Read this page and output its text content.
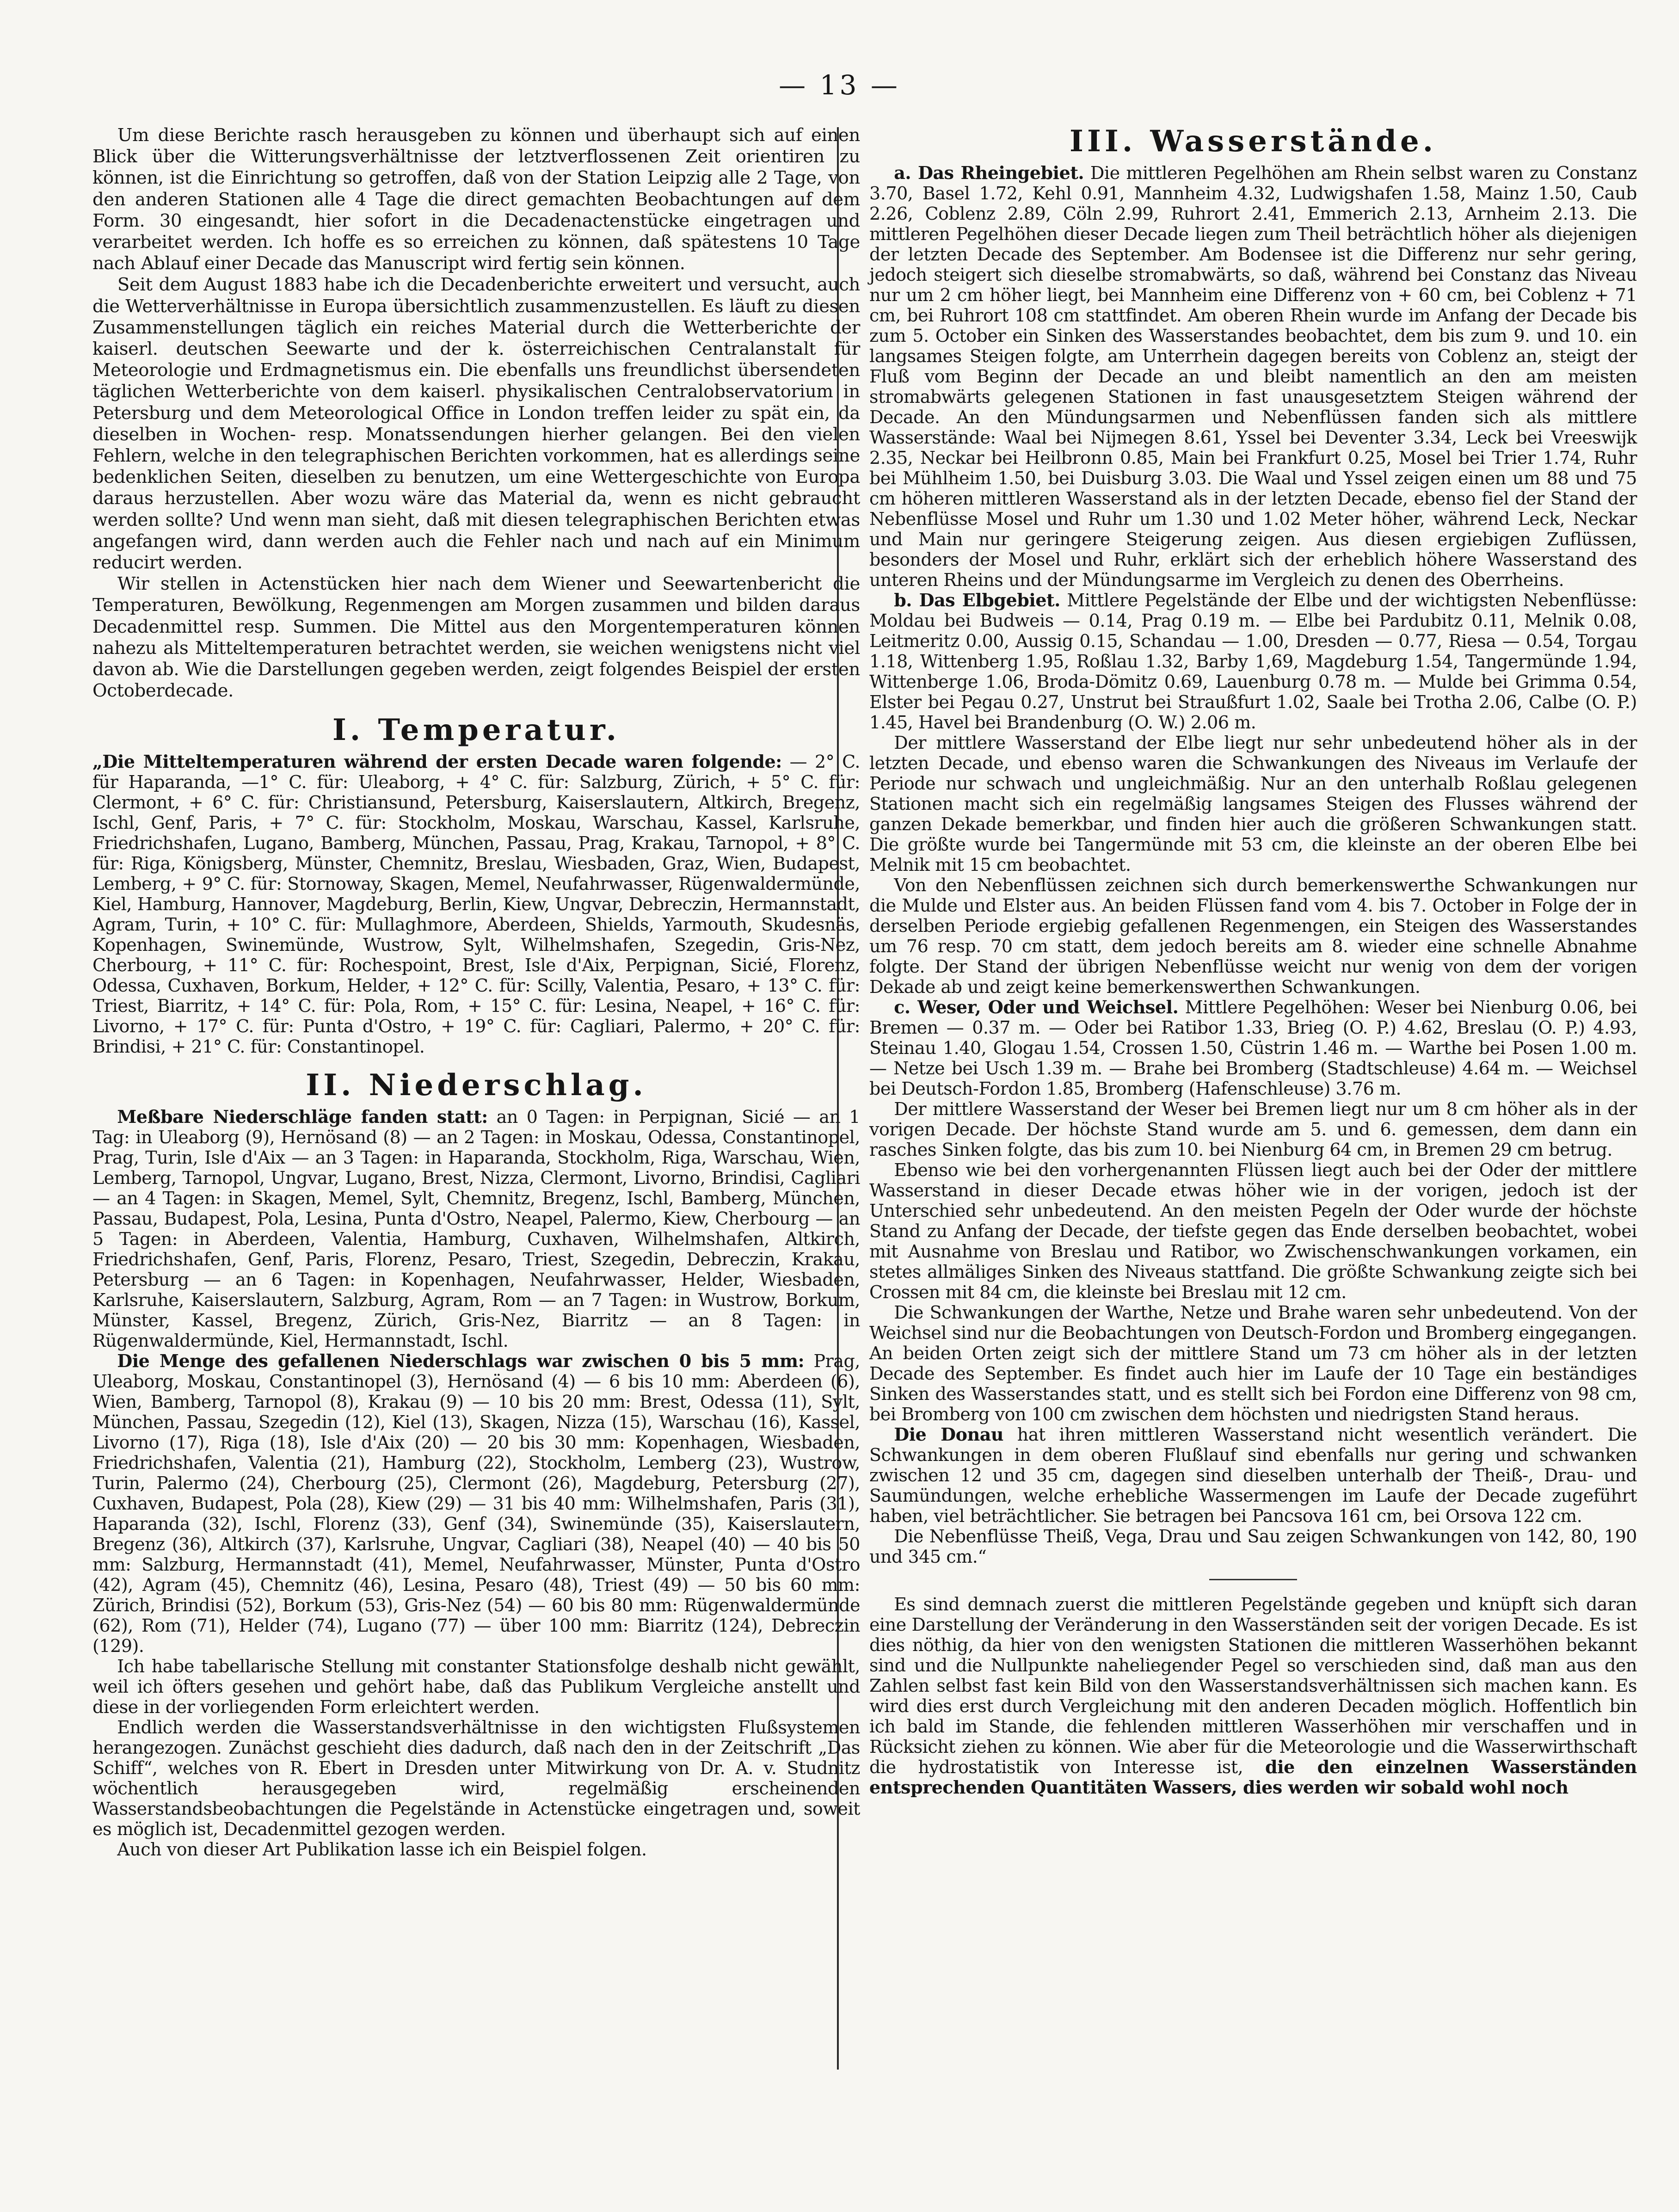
— 13 —

Um diese Berichte rasch herausgeben zu können und überhaupt sich auf einen Blick über die Witterungsverhältnisse der letztverflossenen Zeit orientiren zu können, ist die Einrichtung so getroffen, daß von der Station Leipzig alle 2 Tage, von den anderen Stationen alle 4 Tage die direct gemachten Beobachtungen auf dem Form. 30 eingesandt, hier sofort in die Decadenactenstücke eingetragen und verarbeitet werden. Ich hoffe es so erreichen zu können, daß spätestens 10 Tage nach Ablauf einer Decade das Manuscript wird fertig sein können.

Seit dem August 1883 habe ich die Decadenberichte erweitert und versucht, auch die Wetterverhältnisse in Europa übersichtlich zusammenzustellen. Es läuft zu diesen Zusammenstellungen täglich ein reiches Material durch die Wetterberichte der kaiserl. deutschen Seewarte und der k. österreichischen Centralanstalt für Meteorologie und Erdmagnetismus ein. Die ebenfalls uns freundlichst übersendeten täglichen Wetterberichte von dem kaiserl. physikalischen Centralobservatorium in Petersburg und dem Meteorological Office in London treffen leider zu spät ein, da dieselben in Wochen- resp. Monatssendungen hierher gelangen. Bei den vielen Fehlern, welche in den telegraphischen Berichten vorkommen, hat es allerdings seine bedenklichen Seiten, dieselben zu benutzen, um eine Wettergeschichte von Europa daraus herzustellen. Aber wozu wäre das Material da, wenn es nicht gebraucht werden sollte? Und wenn man sieht, daß mit diesen telegraphischen Berichten etwas angefangen wird, dann werden auch die Fehler nach und nach auf ein Minimum reducirt werden.

Wir stellen in Actenstücken hier nach dem Wiener und Seewartenbericht die Temperaturen, Bewölkung, Regenmengen am Morgen zusammen und bilden daraus Decadenmittel resp. Summen. Die Mittel aus den Morgentemperaturen können nahezu als Mitteltemperaturen betrachtet werden, sie weichen wenigstens nicht viel davon ab. Wie die Darstellungen gegeben werden, zeigt folgendes Beispiel der ersten Octoberdecade.

I. Temperatur.

„Die Mitteltemperaturen während der ersten Decade waren folgende: — 2° C. für Haparanda, —1° C. für: Uleaborg, + 4° C. für: Salzburg, Zürich, + 5° C. für: Clermont, + 6° C. für: Christiansund, Petersburg, Kaiserslautern, Altkirch, Bregenz, Ischl, Genf, Paris, + 7° C. für: Stockholm, Moskau, Warschau, Kassel, Karlsruhe, Friedrichshafen, Lugano, Bamberg, München, Passau, Prag, Krakau, Tarnopol, + 8° C. für: Riga, Königsberg, Münster, Chemnitz, Breslau, Wiesbaden, Graz, Wien, Budapest, Lemberg, + 9° C. für: Stornoway, Skagen, Memel, Neufahrwasser, Rügenwaldermünde, Kiel, Hamburg, Hannover, Magdeburg, Berlin, Kiew, Ungvar, Debreczin, Hermannstadt, Agram, Turin, + 10° C. für: Mullaghmore, Aberdeen, Shields, Yarmouth, Skudesnäs, Kopenhagen, Swinemünde, Wustrow, Sylt, Wilhelmshafen, Szegedin, Gris-Nez, Cherbourg, + 11° C. für: Rochespoint, Brest, Isle d'Aix, Perpignan, Sicié, Florenz, Odessa, Cuxhaven, Borkum, Helder, + 12° C. für: Scilly, Valentia, Pesaro, + 13° C. für: Triest, Biarritz, + 14° C. für: Pola, Rom, + 15° C. für: Lesina, Neapel, + 16° C. für: Livorno, + 17° C. für: Punta d'Ostro, + 19° C. für: Cagliari, Palermo, + 20° C. für: Brindisi, + 21° C. für: Constantinopel.

II. Niederschlag.

Meßbare Niederschläge fanden statt: an 0 Tagen: in Perpignan, Sicié — an 1 Tag: in Uleaborg (9), Hernösand (8) — an 2 Tagen: in Moskau, Odessa, Constantinopel, Prag, Turin, Isle d'Aix — an 3 Tagen: in Haparanda, Stockholm, Riga, Warschau, Wien, Lemberg, Tarnopol, Ungvar, Lugano, Brest, Nizza, Clermont, Livorno, Brindisi, Cagliari — an 4 Tagen: in Skagen, Memel, Sylt, Chemnitz, Bregenz, Ischl, Bamberg, München, Passau, Budapest, Pola, Lesina, Punta d'Ostro, Neapel, Palermo, Kiew, Cherbourg — an 5 Tagen: in Aberdeen, Valentia, Hamburg, Cuxhaven, Wilhelmshafen, Altkirch, Friedrichshafen, Genf, Paris, Florenz, Pesaro, Triest, Szegedin, Debreczin, Krakau, Petersburg — an 6 Tagen: in Kopenhagen, Neufahrwasser, Helder, Wiesbaden, Karlsruhe, Kaiserslautern, Salzburg, Agram, Rom — an 7 Tagen: in Wustrow, Borkum, Münster, Kassel, Bregenz, Zürich, Gris-Nez, Biarritz — an 8 Tagen: in Rügenwaldermünde, Kiel, Hermannstadt, Ischl.

Die Menge des gefallenen Niederschlags war zwischen 0 bis 5 mm: Prag, Uleaborg, Moskau, Constantinopel (3), Hernösand (4) — 6 bis 10 mm: Aberdeen (6), Wien, Bamberg, Tarnopol (8), Krakau (9) — 10 bis 20 mm: Brest, Odessa (11), Sylt, München, Passau, Szegedin (12), Kiel (13), Skagen, Nizza (15), Warschau (16), Kassel, Livorno (17), Riga (18), Isle d'Aix (20) — 20 bis 30 mm: Kopenhagen, Wiesbaden, Friedrichshafen, Valentia (21), Hamburg (22), Stockholm, Lemberg (23), Wustrow, Turin, Palermo (24), Cherbourg (25), Clermont (26), Magdeburg, Petersburg (27), Cuxhaven, Budapest, Pola (28), Kiew (29) — 31 bis 40 mm: Wilhelmshafen, Paris (31), Haparanda (32), Ischl, Florenz (33), Genf (34), Swinemünde (35), Kaiserslautern, Bregenz (36), Altkirch (37), Karlsruhe, Ungvar, Cagliari (38), Neapel (40) — 40 bis 50 mm: Salzburg, Hermannstadt (41), Memel, Neufahrwasser, Münster, Punta d'Ostro (42), Agram (45), Chemnitz (46), Lesina, Pesaro (48), Triest (49) — 50 bis 60 mm: Zürich, Brindisi (52), Borkum (53), Gris-Nez (54) — 60 bis 80 mm: Rügenwaldermünde (62), Rom (71), Helder (74), Lugano (77) — über 100 mm: Biarritz (124), Debreczin (129).

Ich habe tabellarische Stellung mit constanter Stationsfolge deshalb nicht gewählt, weil ich öfters gesehen und gehört habe, daß das Publikum Vergleiche anstellt und diese in der vorliegenden Form erleichtert werden.

Endlich werden die Wasserstandsverhältnisse in den wichtigsten Flußsystemen herangezogen. Zunächst geschieht dies dadurch, daß nach den in der Zeitschrift „Das Schiff“, welches von R. Ebert in Dresden unter Mitwirkung von Dr. A. v. Studnitz wöchentlich herausgegeben wird, regelmäßig erscheinenden Wasserstandsbeobachtungen die Pegelstände in Actenstücke eingetragen und, soweit es möglich ist, Decadenmittel gezogen werden.

Auch von dieser Art Publikation lasse ich ein Beispiel folgen.

III. Wasserstände.

a. Das Rheingebiet. Die mittleren Pegelhöhen am Rhein selbst waren zu Constanz 3.70, Basel 1.72, Kehl 0.91, Mannheim 4.32, Ludwigshafen 1.58, Mainz 1.50, Caub 2.26, Coblenz 2.89, Cöln 2.99, Ruhrort 2.41, Emmerich 2.13, Arnheim 2.13. Die mittleren Pegelhöhen dieser Decade liegen zum Theil beträchtlich höher als diejenigen der letzten Decade des September. Am Bodensee ist die Differenz nur sehr gering, jedoch steigert sich dieselbe stromabwärts, so daß, während bei Constanz das Niveau nur um 2 cm höher liegt, bei Mannheim eine Differenz von + 60 cm, bei Coblenz + 71 cm, bei Ruhrort 108 cm stattfindet. Am oberen Rhein wurde im Anfang der Decade bis zum 5. October ein Sinken des Wasserstandes beobachtet, dem bis zum 9. und 10. ein langsames Steigen folgte, am Unterrhein dagegen bereits von Coblenz an, steigt der Fluß vom Beginn der Decade an und bleibt namentlich an den am meisten stromabwärts gelegenen Stationen in fast unausgesetztem Steigen während der Decade. An den Mündungsarmen und Nebenflüssen fanden sich als mittlere Wasserstände: Waal bei Nijmegen 8.61, Yssel bei Deventer 3.34, Leck bei Vreeswijk 2.35, Neckar bei Heilbronn 0.85, Main bei Frankfurt 0.25, Mosel bei Trier 1.74, Ruhr bei Mühlheim 1.50, bei Duisburg 3.03. Die Waal und Yssel zeigen einen um 88 und 75 cm höheren mittleren Wasserstand als in der letzten Decade, ebenso fiel der Stand der Nebenflüsse Mosel und Ruhr um 1.30 und 1.02 Meter höher, während Leck, Neckar und Main nur geringere Steigerung zeigen. Aus diesen ergiebigen Zuflüssen, besonders der Mosel und Ruhr, erklärt sich der erheblich höhere Wasserstand des unteren Rheins und der Mündungsarme im Vergleich zu denen des Oberrheins.

b. Das Elbgebiet. Mittlere Pegelstände der Elbe und der wichtigsten Nebenflüsse: Moldau bei Budweis — 0.14, Prag 0.19 m. — Elbe bei Pardubitz 0.11, Melnik 0.08, Leitmeritz 0.00, Aussig 0.15, Schandau — 1.00, Dresden — 0.77, Riesa — 0.54, Torgau 1.18, Wittenberg 1.95, Roßlau 1.32, Barby 1,69, Magdeburg 1.54, Tangermünde 1.94, Wittenberge 1.06, Broda-Dömitz 0.69, Lauenburg 0.78 m. — Mulde bei Grimma 0.54, Elster bei Pegau 0.27, Unstrut bei Straußfurt 1.02, Saale bei Trotha 2.06, Calbe (O. P.) 1.45, Havel bei Brandenburg (O. W.) 2.06 m.

Der mittlere Wasserstand der Elbe liegt nur sehr unbedeutend höher als in der letzten Decade, und ebenso waren die Schwankungen des Niveaus im Verlaufe der Periode nur schwach und ungleichmäßig. Nur an den unterhalb Roßlau gelegenen Stationen macht sich ein regelmäßig langsames Steigen des Flusses während der ganzen Dekade bemerkbar, und finden hier auch die größeren Schwankungen statt. Die größte wurde bei Tangermünde mit 53 cm, die kleinste an der oberen Elbe bei Melnik mit 15 cm beobachtet.

Von den Nebenflüssen zeichnen sich durch bemerkenswerthe Schwankungen nur die Mulde und Elster aus. An beiden Flüssen fand vom 4. bis 7. October in Folge der in derselben Periode ergiebig gefallenen Regenmengen, ein Steigen des Wasserstandes um 76 resp. 70 cm statt, dem jedoch bereits am 8. wieder eine schnelle Abnahme folgte. Der Stand der übrigen Nebenflüsse weicht nur wenig von dem der vorigen Dekade ab und zeigt keine bemerkenswerthen Schwankungen.

c. Weser, Oder und Weichsel. Mittlere Pegelhöhen: Weser bei Nienburg 0.06, bei Bremen — 0.37 m. — Oder bei Ratibor 1.33, Brieg (O. P.) 4.62, Breslau (O. P.) 4.93, Steinau 1.40, Glogau 1.54, Crossen 1.50, Cüstrin 1.46 m. — Warthe bei Posen 1.00 m. — Netze bei Usch 1.39 m. — Brahe bei Bromberg (Stadtschleuse) 4.64 m. — Weichsel bei Deutsch-Fordon 1.85, Bromberg (Hafenschleuse) 3.76 m.

Der mittlere Wasserstand der Weser bei Bremen liegt nur um 8 cm höher als in der vorigen Decade. Der höchste Stand wurde am 5. und 6. gemessen, dem dann ein rasches Sinken folgte, das bis zum 10. bei Nienburg 64 cm, in Bremen 29 cm betrug.

Ebenso wie bei den vorhergenannten Flüssen liegt auch bei der Oder der mittlere Wasserstand in dieser Decade etwas höher wie in der vorigen, jedoch ist der Unterschied sehr unbedeutend. An den meisten Pegeln der Oder wurde der höchste Stand zu Anfang der Decade, der tiefste gegen das Ende derselben beobachtet, wobei mit Ausnahme von Breslau und Ratibor, wo Zwischenschwankungen vorkamen, ein stetes allmäliges Sinken des Niveaus stattfand. Die größte Schwankung zeigte sich bei Crossen mit 84 cm, die kleinste bei Breslau mit 12 cm.

Die Schwankungen der Warthe, Netze und Brahe waren sehr unbedeutend. Von der Weichsel sind nur die Beobachtungen von Deutsch-Fordon und Bromberg eingegangen. An beiden Orten zeigt sich der mittlere Stand um 73 cm höher als in der letzten Decade des September. Es findet auch hier im Laufe der 10 Tage ein beständiges Sinken des Wasserstandes statt, und es stellt sich bei Fordon eine Differenz von 98 cm, bei Bromberg von 100 cm zwischen dem höchsten und niedrigsten Stand heraus.

Die Donau hat ihren mittleren Wasserstand nicht wesentlich verändert. Die Schwankungen in dem oberen Flußlauf sind ebenfalls nur gering und schwanken zwischen 12 und 35 cm, dagegen sind dieselben unterhalb der Theiß-, Drau- und Saumündungen, welche erhebliche Wassermengen im Laufe der Decade zugeführt haben, viel beträchtlicher. Sie betragen bei Pancsova 161 cm, bei Orsova 122 cm.

Die Nebenflüsse Theiß, Vega, Drau und Sau zeigen Schwankungen von 142, 80, 190 und 345 cm.“

Es sind demnach zuerst die mittleren Pegelstände gegeben und knüpft sich daran eine Darstellung der Veränderung in den Wasserständen seit der vorigen Decade. Es ist dies nöthig, da hier von den wenigsten Stationen die mittleren Wasserhöhen bekannt sind und die Nullpunkte naheliegender Pegel so verschieden sind, daß man aus den Zahlen selbst fast kein Bild von den Wasserstandsverhältnissen sich machen kann. Es wird dies erst durch Vergleichung mit den anderen Decaden möglich. Hoffentlich bin ich bald im Stande, die fehlenden mittleren Wasserhöhen mir verschaffen und in Rücksicht ziehen zu können. Wie aber für die Meteorologie und die Wasserwirthschaft die hydrostatistik von Interesse ist, die den einzelnen Wasserständen entsprechenden Quantitäten Wassers, dies werden wir sobald wohl noch
